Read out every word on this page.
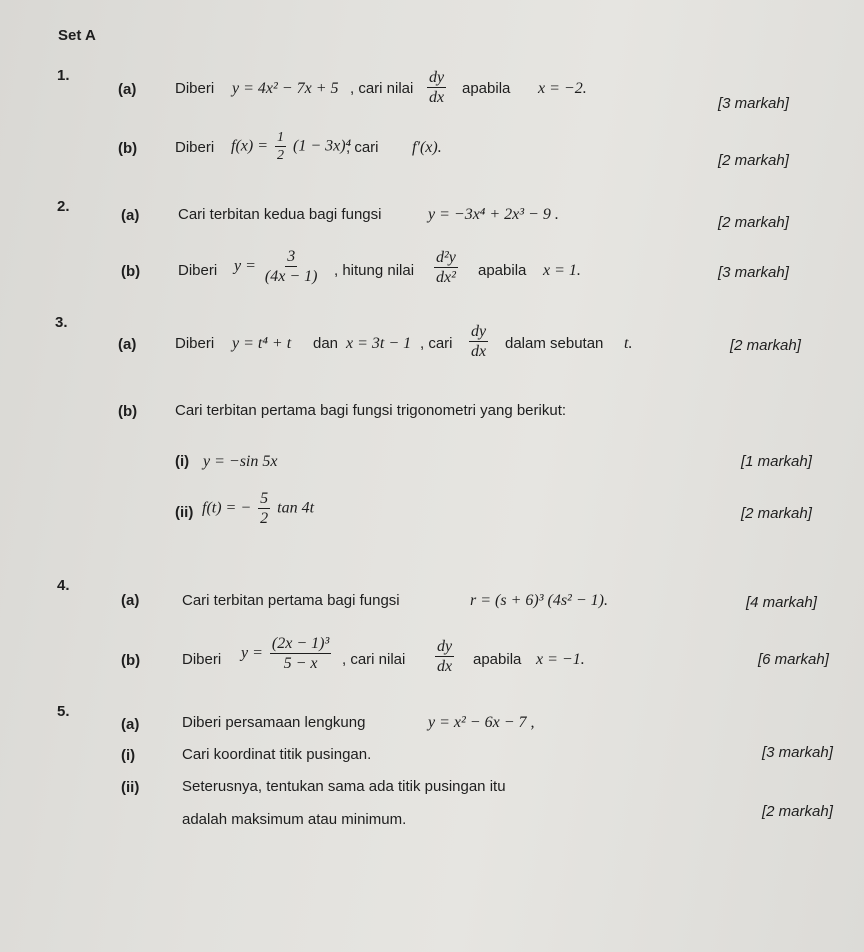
Set A
1.
(a)	Diberi y = 4x² − 7x + 5 , cari nilai $\frac{dy}{dx}$ apabila x = −2.
[3 markah]
(b)	Diberi $f(x) = \frac{1}{2} (1 - 3x)^4$
, cari f′(x).
[2 markah]
2.
(a)	Cari terbitan kedua bagi fungsi	y = −3x⁴ + 2x³ − 9 .	[2 markah]
(b)	Diberi $y = \frac{3}{(4x - 1)}$ , hitung nilai $\frac{\text{d²y}}{\text{dx²}}$ apabila x = 1.	[3 markah]
3.
(a)	Diberi y = t⁴ + t dan x = 3t − 1 , cari $\frac{dy}{dx}$ dalam sebutan t.	[2 markah]
(b)	Cari terbitan pertama bagi fungsi trigonometri yang berikut:
(i) y = −sin 5x	[1 markah]
(ii) f(t) = − $\frac{5}{2}$ tan 4t	[2 markah]
4.
(a)	Cari terbitan pertama bagi fungsi	r = (s + 6)³ (4s² − 1).	[4 markah]
(b)	Diberi $y = \frac{\text{(2x − 1)³}}{5 - x}$ , cari nilai $\frac{dy}{dx}$ apabila x = −1.	[6 markah]
5.
(a)	Diberi persamaan lengkung	y = x² − 6x − 7 ,
(i)	Cari koordinat titik pusingan.	[3 markah]
(ii)	Seterusnya, tentukan sama ada titik pusingan itu
adalah maksimum atau minimum.	[2 markah]
